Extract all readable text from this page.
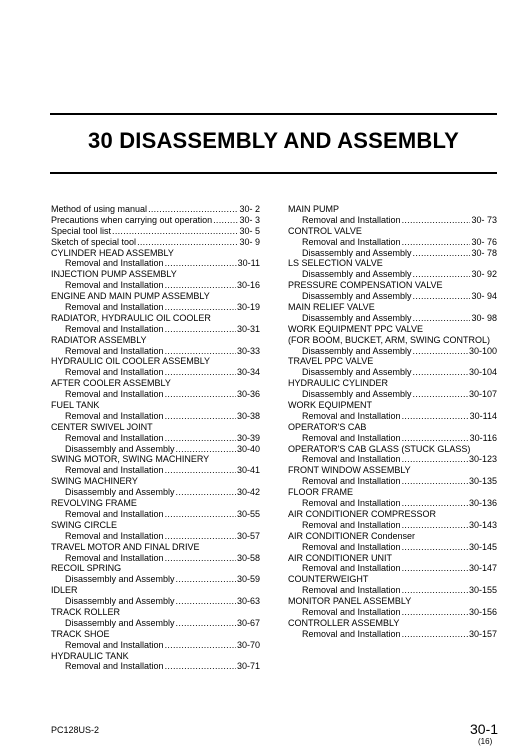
30 DISASSEMBLY AND ASSEMBLY
Method of using manual .....	30- 2
Precautions when carrying out operation .....	30- 3
Special tool list .....	30- 5
Sketch of special tool .....	30- 9
CYLINDER HEAD ASSEMBLY
Removal and Installation .....	30-11
INJECTION PUMP ASSEMBLY
Removal and Installation .....	30-16
ENGINE AND MAIN PUMP ASSEMBLY
Removal and Installation .....	30-19
RADIATOR, HYDRAULIC OIL COOLER
Removal and Installation .....	30-31
RADIATOR ASSEMBLY
Removal and Installation .....	30-33
HYDRAULIC OIL COOLER ASSEMBLY
Removal and Installation .....	30-34
AFTER COOLER ASSEMBLY
Removal and Installation .....	30-36
FUEL TANK
Removal and Installation .....	30-38
CENTER SWIVEL JOINT
Removal and Installation .....	30-39
Disassembly and Assembly .....	30-40
SWING MOTOR, SWING MACHINERY
Removal and Installation .....	30-41
SWING MACHINERY
Disassembly and Assembly .....	30-42
REVOLVING FRAME
Removal and Installation .....	30-55
SWING CIRCLE
Removal and Installation .....	30-57
TRAVEL MOTOR AND FINAL DRIVE
Removal and Installation .....	30-58
RECOIL SPRING
Disassembly and Assembly .....	30-59
IDLER
Disassembly and Assembly .....	30-63
TRACK ROLLER
Disassembly and Assembly .....	30-67
TRACK SHOE
Removal and Installation .....	30-70
HYDRAULIC TANK
Removal and Installation .....	30-71
MAIN PUMP
Removal and Installation .....	30- 73
CONTROL VALVE
Removal and Installation .....	30- 76
Disassembly and Assembly .....	30- 78
LS SELECTION VALVE
Disassembly and Assembly .....	30- 92
PRESSURE COMPENSATION VALVE
Disassembly and Assembly .....	30- 94
MAIN RELIEF VALVE
Disassembly and Assembly .....	30- 98
WORK EQUIPMENT PPC VALVE
(FOR BOOM, BUCKET, ARM, SWING CONTROL)
Disassembly and Assembly .....	30-100
TRAVEL PPC VALVE
Disassembly and Assembly .....	30-104
HYDRAULIC CYLINDER
Disassembly and Assembly .....	30-107
WORK EQUIPMENT
Removal and Installation .....	30-114
OPERATOR'S CAB
Removal and Installation .....	30-116
OPERATOR'S CAB GLASS (STUCK GLASS)
Removal and Installation .....	30-123
FRONT WINDOW ASSEMBLY
Removal and Installation .....	30-135
FLOOR FRAME
Removal and Installation .....	30-136
AIR CONDITIONER COMPRESSOR
Removal and Installation .....	30-143
AIR CONDITIONER Condenser
Removal and Installation .....	30-145
AIR CONDITIONER UNIT
Removal and Installation .....	30-147
COUNTERWEIGHT
Removal and Installation .....	30-155
MONITOR PANEL ASSEMBLY
Removal and Installation .....	30-156
CONTROLLER ASSEMBLY
Removal and Installation .....	30-157
PC128US-2	30-1
(16)
